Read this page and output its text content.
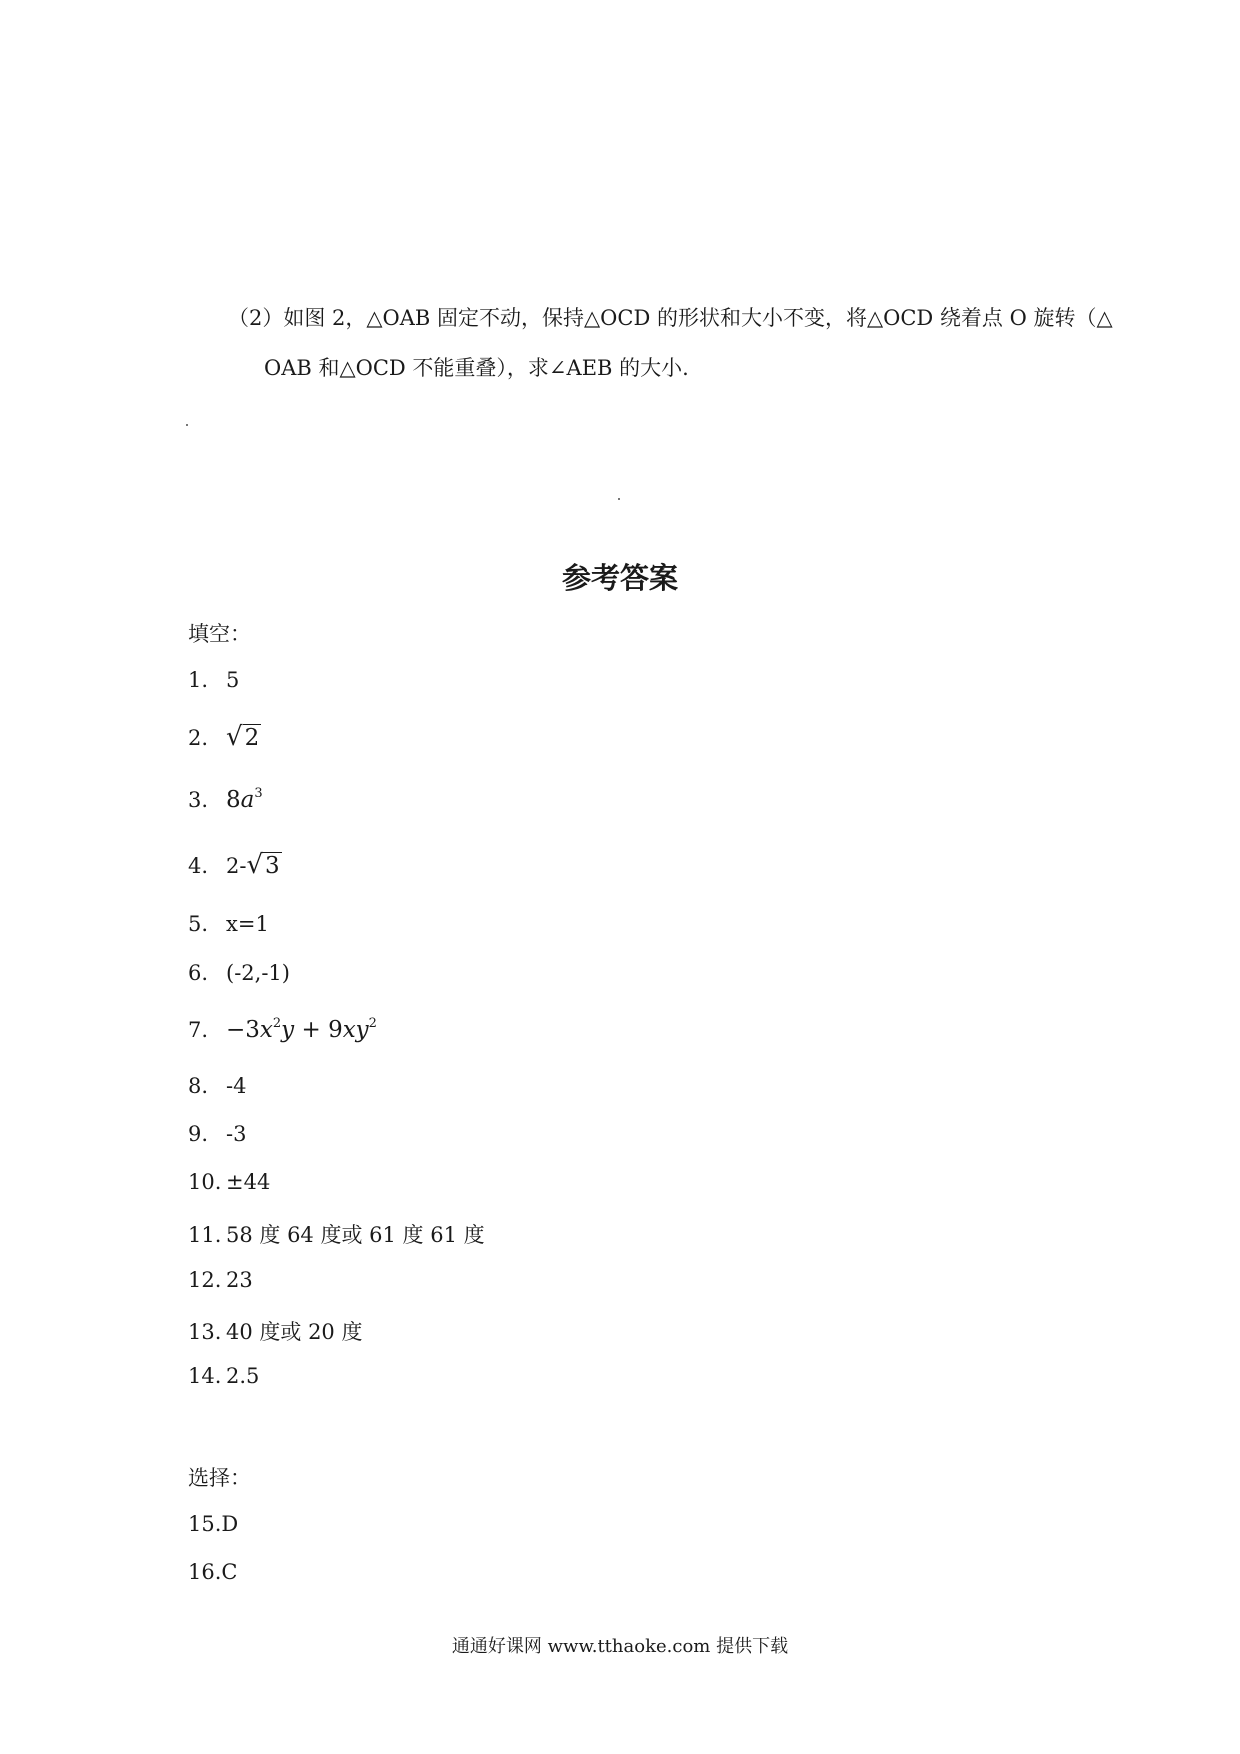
（2）如图 2，△OAB 固定不动，保持△OCD 的形状和大小不变，将△OCD 绕着点 O 旋转（△
OAB 和△OCD 不能重叠），求∠AEB 的大小.
参考答案
填空：
1. 5
2. √2
3. $8a^3$
4. 2-√3
5. x=1
6. (-2,-1)
7. $-3x^2y + 9xy^2$
8. -4
9. -3
10. ±44
11. 58 度 64 度或 61 度 61 度
12. 23
13. 40 度或 20 度
14. 2.5
选择：
15.D
16.C
通通好课网 www.tthaoke.com 提供下载
